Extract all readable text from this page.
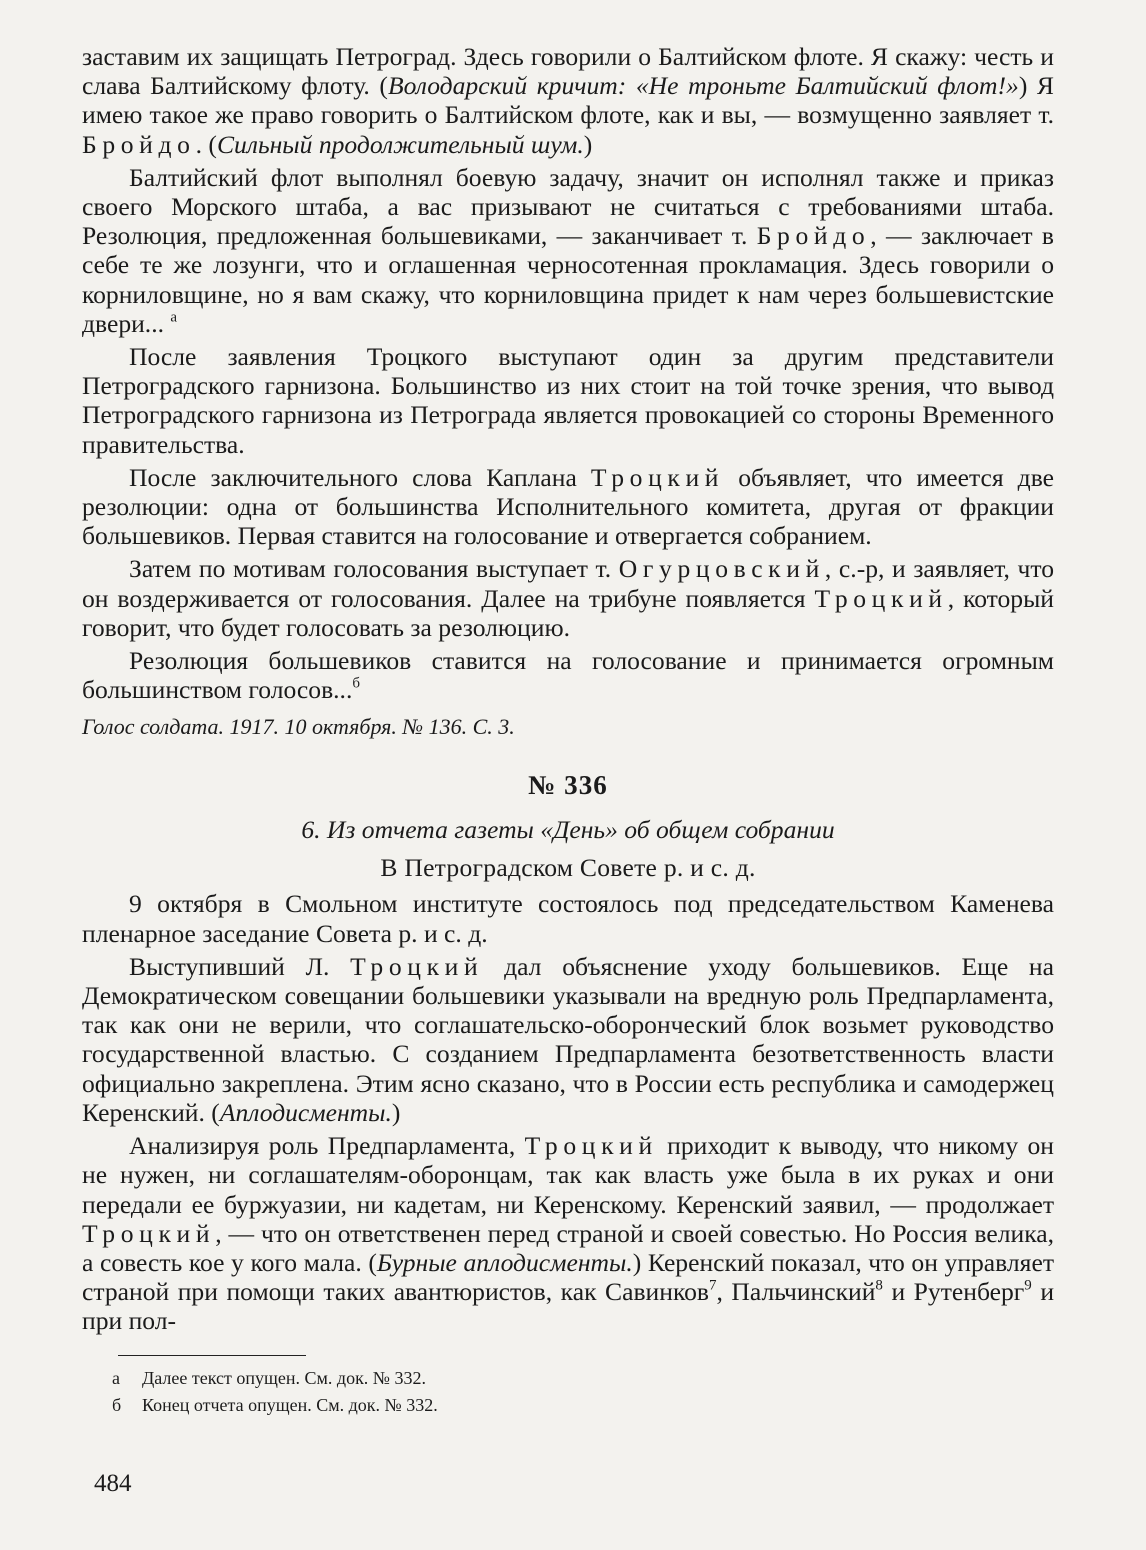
заставим их защищать Петроград. Здесь говорили о Балтийском флоте. Я скажу: честь и слава Балтийскому флоту. (Володарский кричит: «Не троньте Балтийский флот!») Я имею такое же право говорить о Балтийском флоте, как и вы, — возмущенно заявляет т. Бройдо. (Сильный продолжительный шум.)

Балтийский флот выполнял боевую задачу, значит он исполнял также и приказ своего Морского штаба, а вас призывают не считаться с требованиями штаба. Резолюция, предложенная большевиками, — заканчивает т. Бройдо, — заключает в себе те же лозунги, что и оглашенная черносотенная прокламация. Здесь говорили о корниловщине, но я вам скажу, что корниловщина придет к нам через большевистские двери... $^а$

После заявления Троцкого выступают один за другим представители Петроградского гарнизона. Большинство из них стоит на той точке зрения, что вывод Петроградского гарнизона из Петрограда является провокацией со стороны Временного правительства.

После заключительного слова Каплана Троцкий объявляет, что имеется две резолюции: одна от большинства Исполнительного комитета, другая от фракции большевиков. Первая ставится на голосование и отвергается собранием.

Затем по мотивам голосования выступает т. Огурцовский, с.-р, и заявляет, что он воздерживается от голосования. Далее на трибуне появляется Троцкий, который говорит, что будет голосовать за резолюцию.

Резолюция большевиков ставится на голосование и принимается огромным большинством голосов...$^б$

Голос солдата. 1917. 10 октября. № 136. С. 3.
№ 336
6. Из отчета газеты «День» об общем собрании
В Петроградском Совете р. и с. д.

9 октября в Смольном институте состоялось под председательством Каменева пленарное заседание Совета р. и с. д.

Выступивший Л. Троцкий дал объяснение уходу большевиков. Еще на Демократическом совещании большевики указывали на вредную роль Предпарламента, так как они не верили, что соглашательско-оборонческий блок возьмет руководство государственной властью. С созданием Предпарламента безответственность власти официально закреплена. Этим ясно сказано, что в России есть республика и самодержец Керенский. (Аплодисменты.)

Анализируя роль Предпарламента, Троцкий приходит к выводу, что никому он не нужен, ни соглашателям-оборонцам, так как власть уже была в их руках и они передали ее буржуазии, ни кадетам, ни Керенскому. Керенский заявил, — продолжает Троцкий, — что он ответственен перед страной и своей совестью. Но Россия велика, а совесть кое у кого мала. (Бурные аплодисменты.) Керенский показал, что он управляет страной при помощи таких авантюристов, как Савинков$^7$, Пальчинский$^8$ и Рутенберг$^9$ и при пол-

а Далее текст опущен. См. док. № 332.
б Конец отчета опущен. См. док. № 332.
484
